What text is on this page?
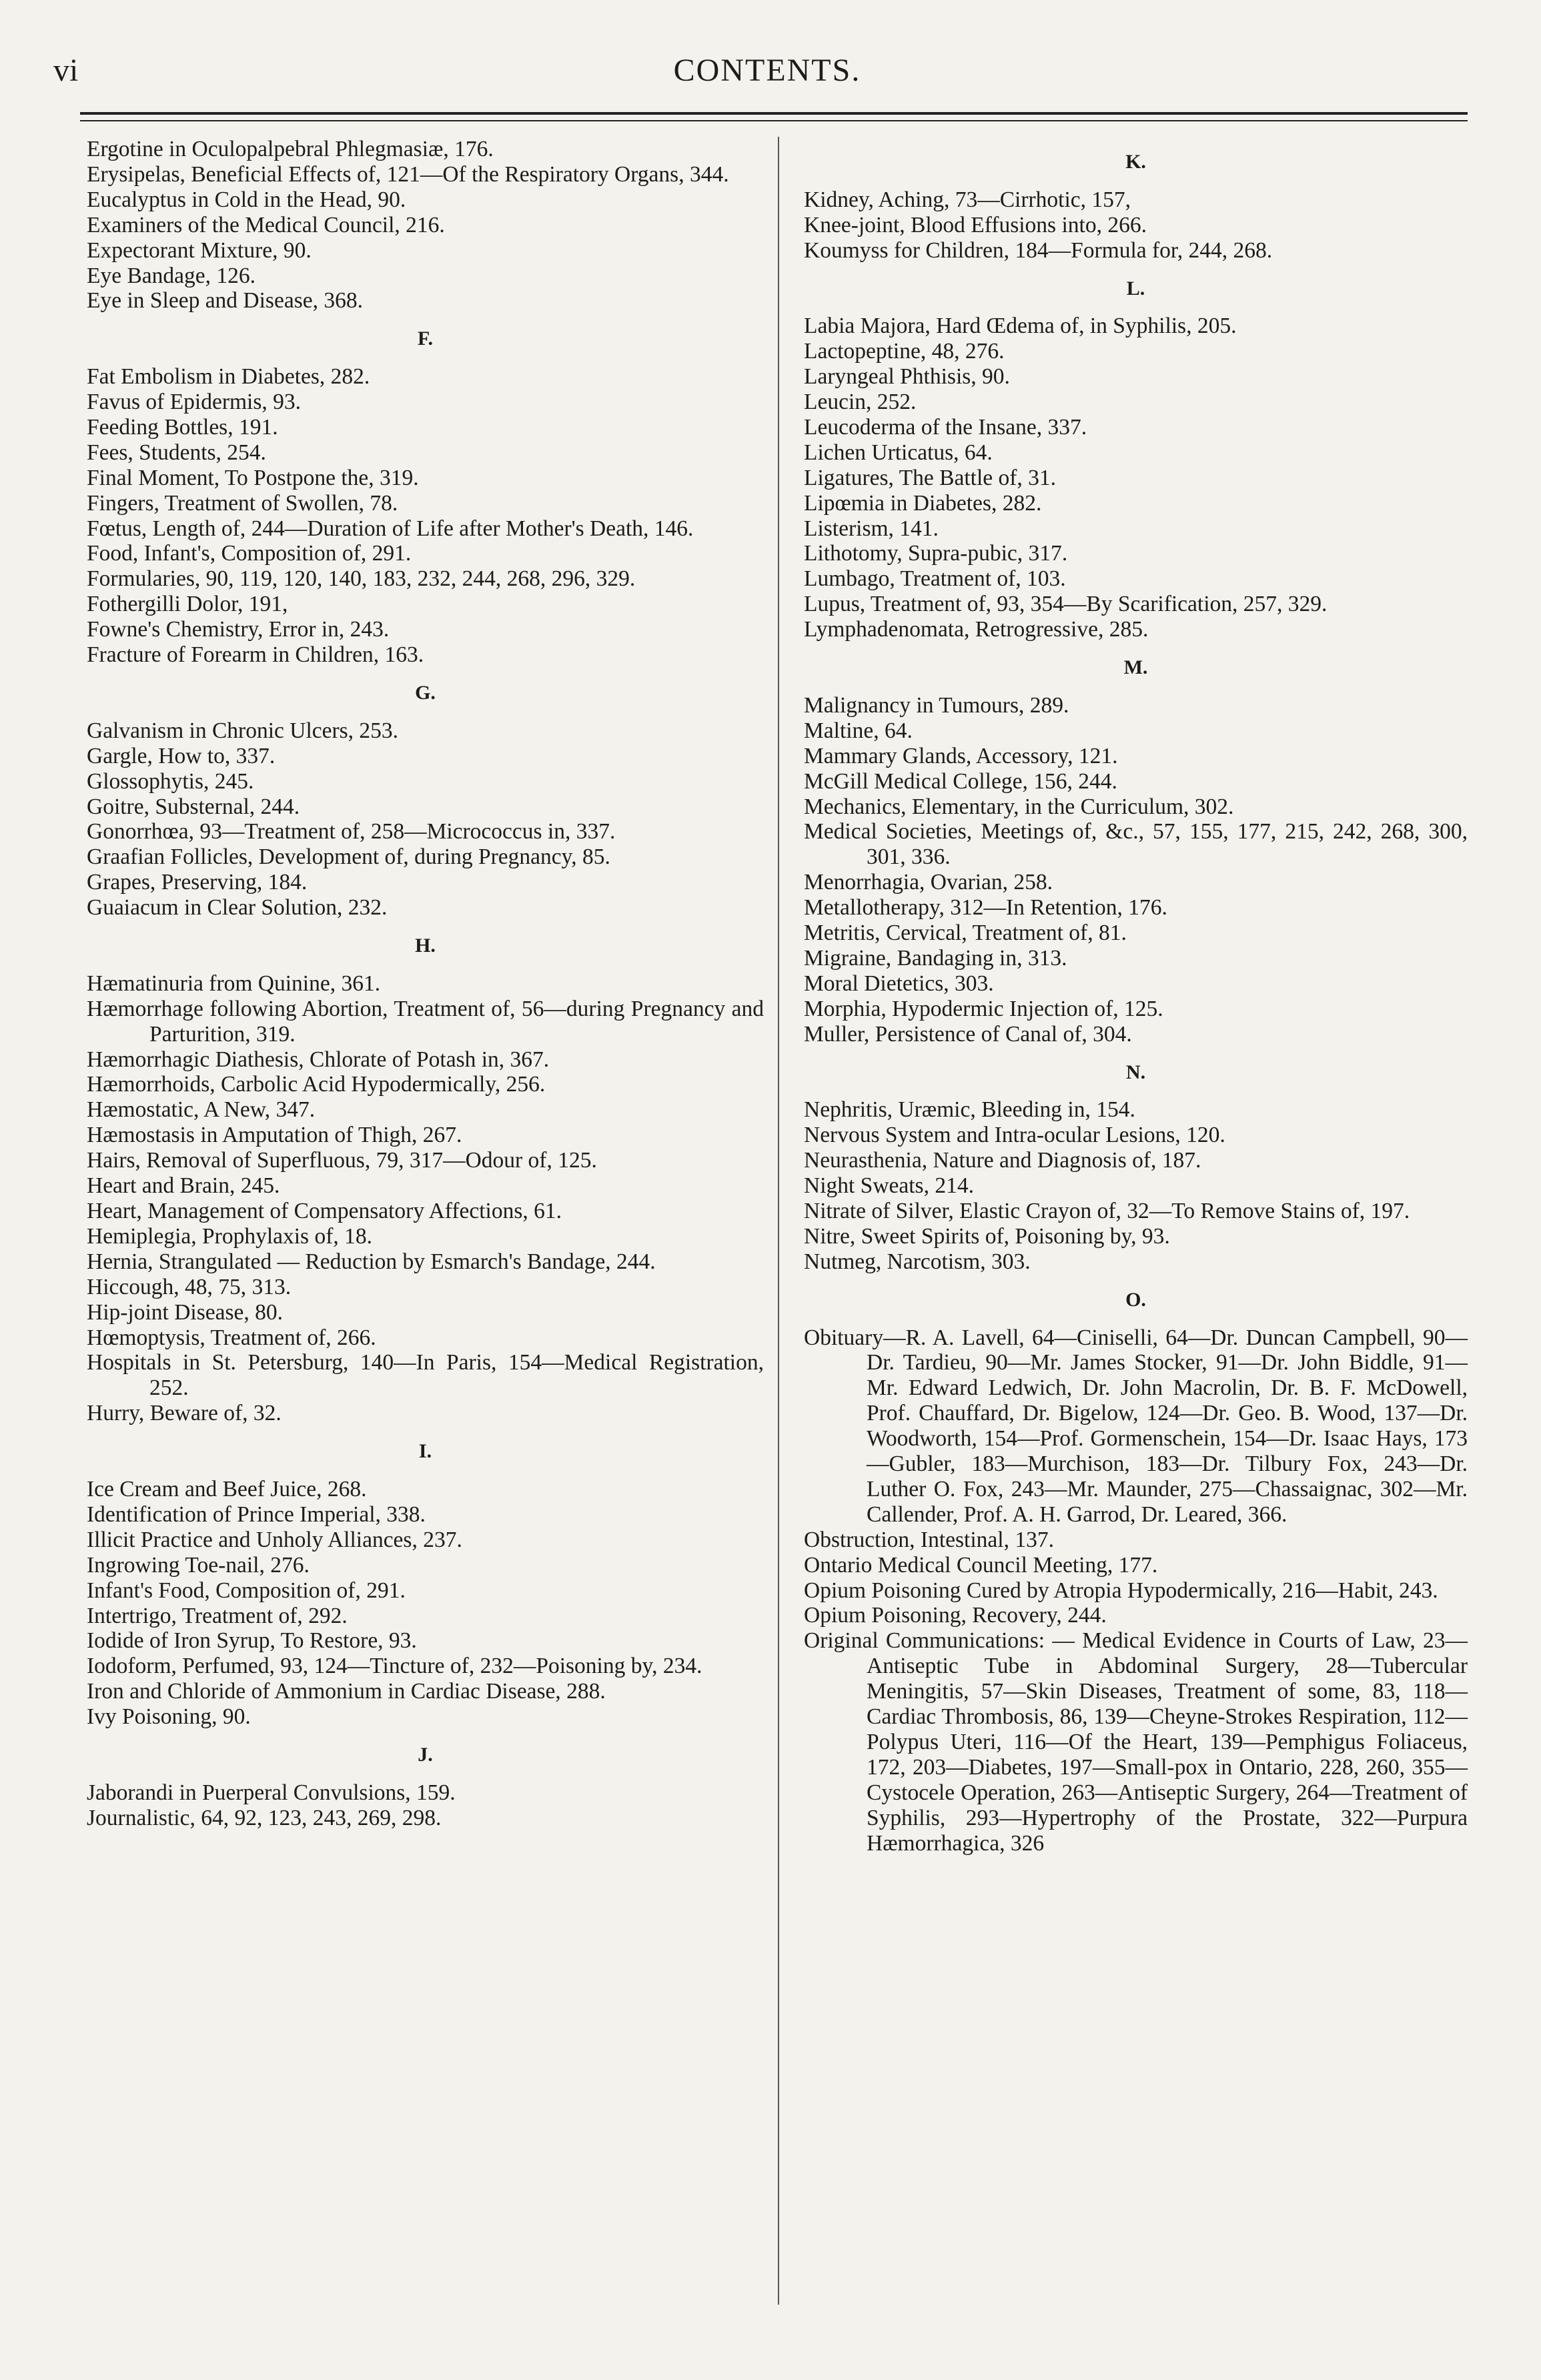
vi	CONTENTS.

Ergotine in Oculopalpebral Phlegmasiæ, 176.

Erysipelas, Beneficial Effects of, 121—Of the Respiratory Organs, 344.

Eucalyptus in Cold in the Head, 90.

Examiners of the Medical Council, 216.

Expectorant Mixture, 90.

Eye Bandage, 126.

Eye in Sleep and Disease, 368.

F.

Fat Embolism in Diabetes, 282.

Favus of Epidermis, 93.

Feeding Bottles, 191.

Fees, Students, 254.

Final Moment, To Postpone the, 319.

Fingers, Treatment of Swollen, 78.

Fœtus, Length of, 244—Duration of Life after Mother's Death, 146.

Food, Infant's, Composition of, 291.

Formularies, 90, 119, 120, 140, 183, 232, 244, 268, 296, 329.

Fothergilli Dolor, 191,

Fowne's Chemistry, Error in, 243.

Fracture of Forearm in Children, 163.

G.

Galvanism in Chronic Ulcers, 253.

Gargle, How to, 337.

Glossophytis, 245.

Goitre, Substernal, 244.

Gonorrhœa, 93—Treatment of, 258—Micrococcus in, 337.

Graafian Follicles, Development of, during Pregnancy, 85.

Grapes, Preserving, 184.

Guaiacum in Clear Solution, 232.

H.

Hæmatinuria from Quinine, 361.

Hæmorrhage following Abortion, Treatment of, 56—during Pregnancy and Parturition, 319.

Hæmorrhagic Diathesis, Chlorate of Potash in, 367.

Hæmorrhoids, Carbolic Acid Hypodermically, 256.

Hæmostatic, A New, 347.

Hæmostasis in Amputation of Thigh, 267.

Hairs, Removal of Superfluous, 79, 317—Odour of, 125.

Heart and Brain, 245.

Heart, Management of Compensatory Affections, 61.

Hemiplegia, Prophylaxis of, 18.

Hernia, Strangulated — Reduction by Esmarch's Bandage, 244.

Hiccough, 48, 75, 313.

Hip-joint Disease, 80.

Hœmoptysis, Treatment of, 266.

Hospitals in St. Petersburg, 140—In Paris, 154—Medical Registration, 252.

Hurry, Beware of, 32.

I.

Ice Cream and Beef Juice, 268.

Identification of Prince Imperial, 338.

Illicit Practice and Unholy Alliances, 237.

Ingrowing Toe-nail, 276.

Infant's Food, Composition of, 291.

Intertrigo, Treatment of, 292.

Iodide of Iron Syrup, To Restore, 93.

Iodoform, Perfumed, 93, 124—Tincture of, 232—Poisoning by, 234.

Iron and Chloride of Ammonium in Cardiac Disease, 288.

Ivy Poisoning, 90.

J.

Jaborandi in Puerperal Convulsions, 159.

Journalistic, 64, 92, 123, 243, 269, 298.

K.

Kidney, Aching, 73—Cirrhotic, 157,

Knee-joint, Blood Effusions into, 266.

Koumyss for Children, 184—Formula for, 244, 268.

L.

Labia Majora, Hard Œdema of, in Syphilis, 205.

Lactopeptine, 48, 276.

Laryngeal Phthisis, 90.

Leucin, 252.

Leucoderma of the Insane, 337.

Lichen Urticatus, 64.

Ligatures, The Battle of, 31.

Lipœmia in Diabetes, 282.

Listerism, 141.

Lithotomy, Supra-pubic, 317.

Lumbago, Treatment of, 103.

Lupus, Treatment of, 93, 354—By Scarification, 257, 329.

Lymphadenomata, Retrogressive, 285.

M.

Malignancy in Tumours, 289.

Maltine, 64.

Mammary Glands, Accessory, 121.

McGill Medical College, 156, 244.

Mechanics, Elementary, in the Curriculum, 302.

Medical Societies, Meetings of, &c., 57, 155, 177, 215, 242, 268, 300, 301, 336.

Menorrhagia, Ovarian, 258.

Metallotherapy, 312—In Retention, 176.

Metritis, Cervical, Treatment of, 81.

Migraine, Bandaging in, 313.

Moral Dietetics, 303.

Morphia, Hypodermic Injection of, 125.

Muller, Persistence of Canal of, 304.

N.

Nephritis, Uræmic, Bleeding in, 154.

Nervous System and Intra-ocular Lesions, 120.

Neurasthenia, Nature and Diagnosis of, 187.

Night Sweats, 214.

Nitrate of Silver, Elastic Crayon of, 32—To Remove Stains of, 197.

Nitre, Sweet Spirits of, Poisoning by, 93.

Nutmeg, Narcotism, 303.

O.

Obituary—R. A. Lavell, 64—Ciniselli, 64—Dr. Duncan Campbell, 90—Dr. Tardieu, 90—Mr. James Stocker, 91—Dr. John Biddle, 91—Mr. Edward Ledwich, Dr. John Macrolin, Dr. B. F. McDowell, Prof. Chauffard, Dr. Bigelow, 124—Dr. Geo. B. Wood, 137—Dr. Woodworth, 154—Prof. Gormenschein, 154—Dr. Isaac Hays, 173—Gubler, 183—Murchison, 183—Dr. Tilbury Fox, 243—Dr. Luther O. Fox, 243—Mr. Maunder, 275—Chassaignac, 302—Mr. Callender, Prof. A. H. Garrod, Dr. Leared, 366.

Obstruction, Intestinal, 137.

Ontario Medical Council Meeting, 177.

Opium Poisoning Cured by Atropia Hypodermically, 216—Habit, 243.

Opium Poisoning, Recovery, 244.

Original Communications: — Medical Evidence in Courts of Law, 23—Antiseptic Tube in Abdominal Surgery, 28—Tubercular Meningitis, 57—Skin Diseases, Treatment of some, 83, 118—Cardiac Thrombosis, 86, 139—Cheyne-Strokes Respiration, 112—Polypus Uteri, 116—Of the Heart, 139—Pemphigus Foliaceus, 172, 203—Diabetes, 197—Small-pox in Ontario, 228, 260, 355—Cystocele Operation, 263—Antiseptic Surgery, 264—Treatment of Syphilis, 293—Hypertrophy of the Prostate, 322—Purpura Hæmorrhagica, 326
